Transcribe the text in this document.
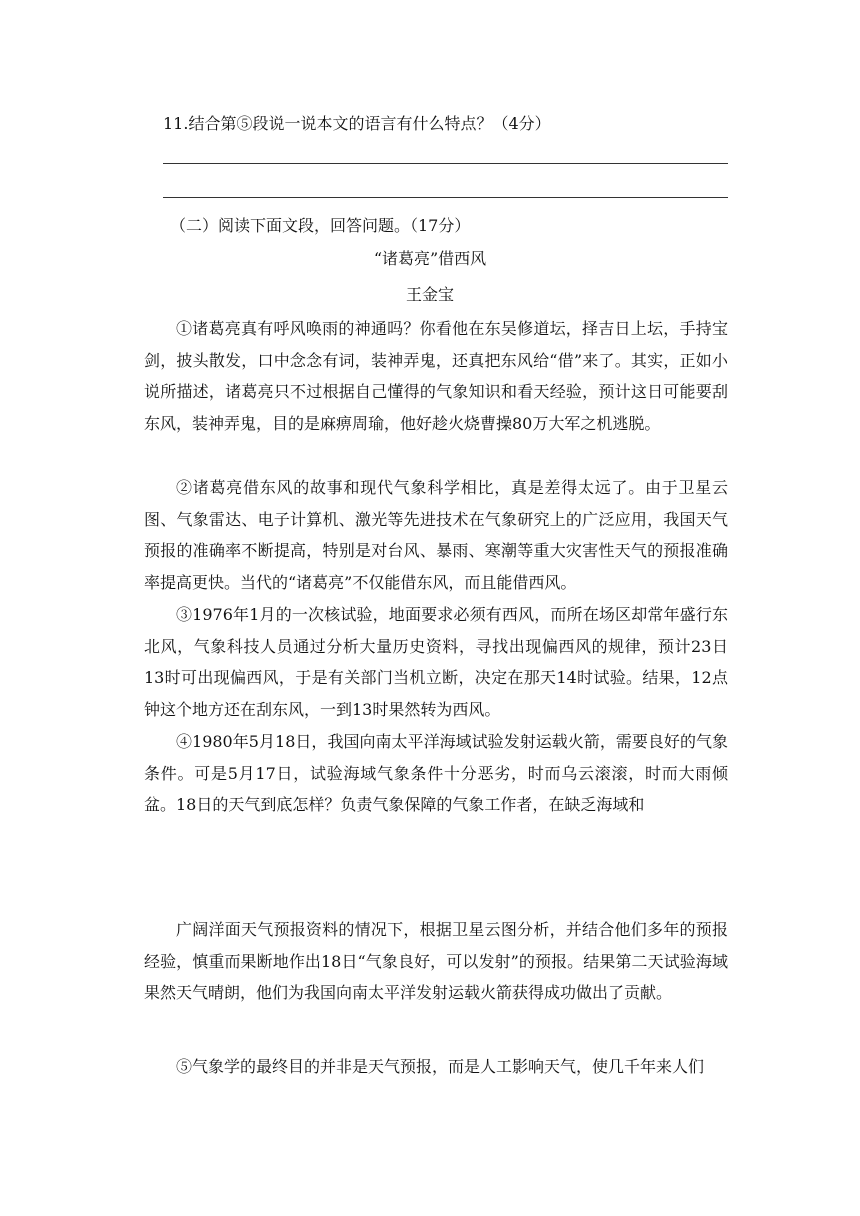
11.结合第⑤段说一说本文的语言有什么特点？（4分）

（二）阅读下面文段，回答问题。（17分）

“诸葛亮”借西风

王金宝

①诸葛亮真有呼风唤雨的神通吗？你看他在东吴修道坛，择吉日上坛，手持宝剑，披头散发，口中念念有词，装神弄鬼，还真把东风给“借”来了。其实，正如小说所描述，诸葛亮只不过根据自己懂得的气象知识和看天经验，预计这日可能要刮东风，装神弄鬼，目的是麻痹周瑜，他好趁火烧曹操80万大军之机逃脱。

②诸葛亮借东风的故事和现代气象科学相比，真是差得太远了。由于卫星云图、气象雷达、电子计算机、激光等先进技术在气象研究上的广泛应用，我国天气预报的准确率不断提高，特别是对台风、暴雨、寒潮等重大灾害性天气的预报准确率提高更快。当代的“诸葛亮”不仅能借东风，而且能借西风。

③1976年1月的一次核试验，地面要求必须有西风，而所在场区却常年盛行东北风，气象科技人员通过分析大量历史资料，寻找出现偏西风的规律，预计23日13时可出现偏西风，于是有关部门当机立断，决定在那天14时试验。结果，12点钟这个地方还在刮东风，一到13时果然转为西风。

④1980年5月18日，我国向南太平洋海域试验发射运载火箭，需要良好的气象条件。可是5月17日，试验海域气象条件十分恶劣，时而乌云滚滚，时而大雨倾盆。18日的天气到底怎样？负责气象保障的气象工作者，在缺乏海域和

广阔洋面天气预报资料的情况下，根据卫星云图分析，并结合他们多年的预报经验，慎重而果断地作出18日“气象良好，可以发射”的预报。结果第二天试验海域果然天气晴朗，他们为我国向南太平洋发射运载火箭获得成功做出了贡献。

⑤气象学的最终目的并非是天气预报，而是人工影响天气，使几千年来人们
